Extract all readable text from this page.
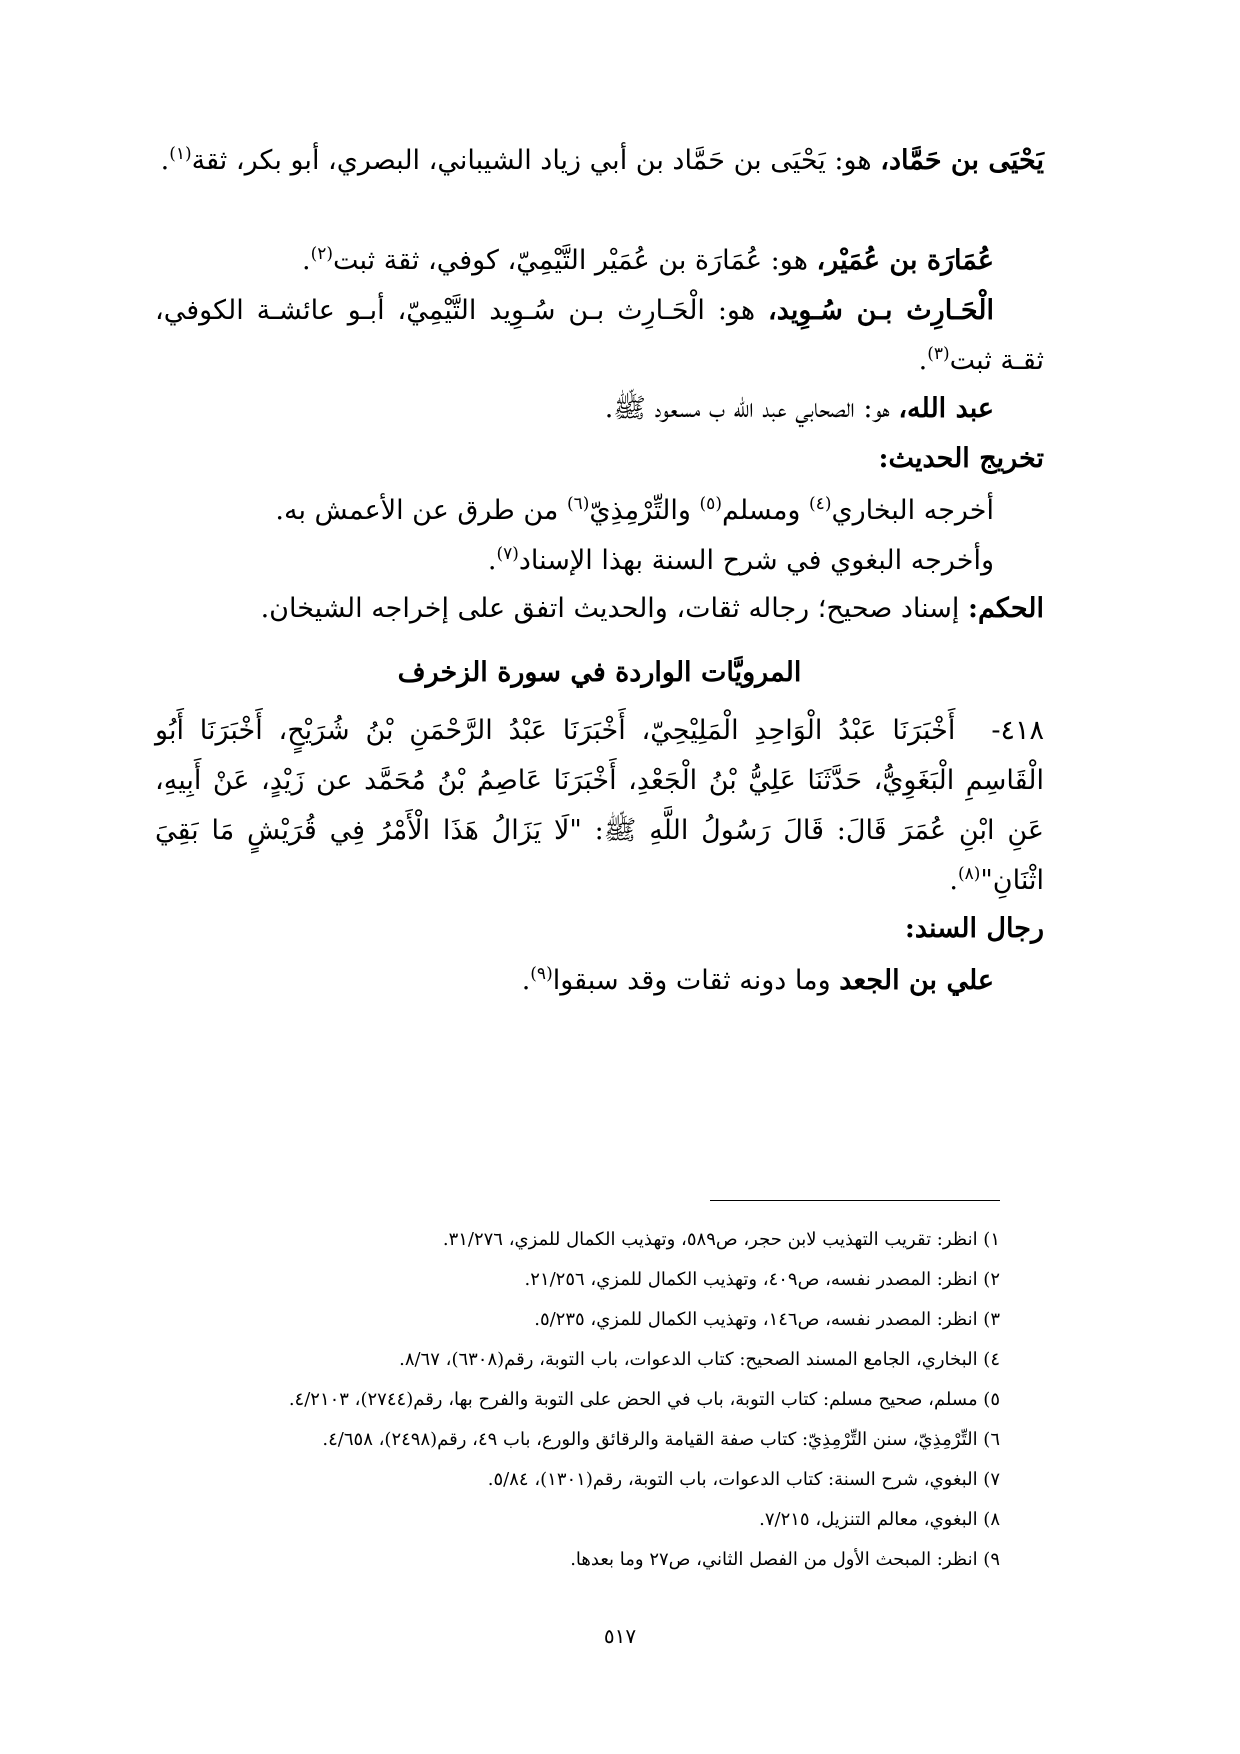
يَحْيَى بن حَمَّاد، هو: يَحْيَى بن حَمَّاد بن أبي زياد الشيباني، البصري، أبو بكر، ثقة$^{(١)}$.
عُمَارَة بن عُمَيْر، هو: عُمَارَة بن عُمَيْر التَّيْمِيّ، كوفي، ثقة ثبت$^{(٢)}$.
الْحَـارِث بـن سُـوِيد، هو: الْحَـارِث بـن سُـوِيد التَّيْمِيّ، أبـو عائشـة الكوفي، ثقـة ثبت$^{(٣)}$.
عبد الله، هو: الصحابي عبد الله ب مسعود ﷺ.
تخريج الحديث:
أخرجه البخاري$^{(٤)}$ ومسلم$^{(٥)}$ والتِّرْمِذِيّ$^{(٦)}$ من طرق عن الأعمش به.
وأخرجه البغوي في شرح السنة بهذا الإسناد$^{(٧)}$.
الحكم: إسناد صحيح؛ رجاله ثقات، والحديث اتفق على إخراجه الشيخان.
المرويَّات الواردة في سورة الزخرف
٤١٨-أَخْبَرَنَا عَبْدُ الْوَاحِدِ الْمَلِيْحِيّ، أَخْبَرَنَا عَبْدُ الرَّحْمَنِ بْنُ شُرَيْحٍ، أَخْبَرَنَا أَبُو الْقَاسِمِ الْبَغَوِيُّ، حَدَّثَنَا عَلِيُّ بْنُ الْجَعْدِ، أَخْبَرَنَا عَاصِمُ بْنُ مُحَمَّد عن زَيْدٍ، عَنْ أَبِيهِ، عَنِ ابْنِ عُمَرَ قَالَ: قَالَ رَسُولُ اللَّهِ ﷺ: "لَا يَزَالُ هَذَا الْأَمْرُ فِي قُرَيْشٍ مَا بَقِيَ اثْنَانِ"$^{(٨)}$.
رجال السند:
علي بن الجعد وما دونه ثقات وقد سبقوا$^{(٩)}$.
١) انظر: تقريب التهذيب لابن حجر، ص٥٨٩، وتهذيب الكمال للمزي، ٣١/٢٧٦.
٢) انظر: المصدر نفسه، ص٤٠٩، وتهذيب الكمال للمزي، ٢١/٢٥٦.
٣) انظر: المصدر نفسه، ص١٤٦، وتهذيب الكمال للمزي، ٥/٢٣٥.
٤) البخاري، الجامع المسند الصحيح: كتاب الدعوات، باب التوبة، رقم(٦٣٠٨)، ٨/٦٧.
٥) مسلم، صحيح مسلم: كتاب التوبة، باب في الحض على التوبة والفرح بها، رقم(٢٧٤٤)، ٤/٢١٠٣.
٦) التِّرْمِذِيّ، سنن التِّرْمِذِيّ: كتاب صفة القيامة والرقائق والورع، باب ٤٩، رقم(٢٤٩٨)، ٤/٦٥٨.
٧) البغوي، شرح السنة: كتاب الدعوات، باب التوبة، رقم(١٣٠١)، ٥/٨٤.
٨) البغوي، معالم التنزيل، ٧/٢١٥.
٩) انظر: المبحث الأول من الفصل الثاني، ص٢٧ وما بعدها.
٥١٧
